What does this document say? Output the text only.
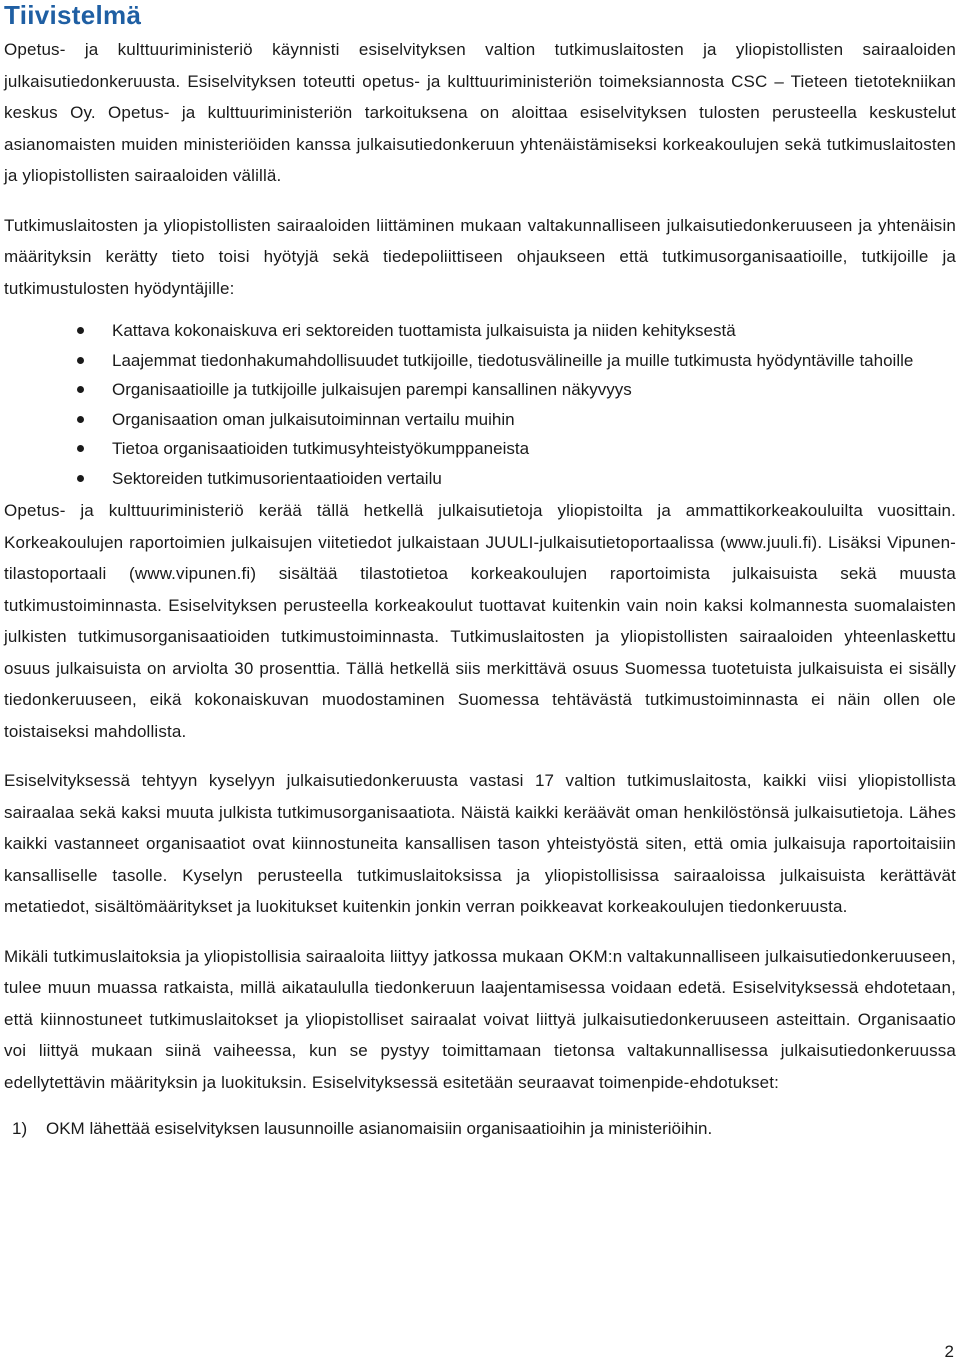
Tiivistelmä

Opetus- ja kulttuuriministeriö käynnisti esiselvityksen valtion tutkimuslaitosten ja yliopistollisten sairaaloiden julkaisutiedonkeruusta. Esiselvityksen toteutti opetus- ja kulttuuriministeriön toimeksiannosta CSC – Tieteen tietotekniikan keskus Oy. Opetus- ja kulttuuriministeriön tarkoituksena on aloittaa esiselvityksen tulosten perusteella keskustelut asianomaisten muiden ministeriöiden kanssa julkaisutiedonkeruun yhtenäistämiseksi korkeakoulujen sekä tutkimuslaitosten ja yliopistollisten sairaaloiden välillä.

Tutkimuslaitosten ja yliopistollisten sairaaloiden liittäminen mukaan valtakunnalliseen julkaisutiedonkeruuseen ja yhtenäisin määrityksin kerätty tieto toisi hyötyjä sekä tiedepoliittiseen ohjaukseen että tutkimusorganisaatioille, tutkijoille ja tutkimustulosten hyödyntäjille:

Kattava kokonaiskuva eri sektoreiden tuottamista julkaisuista ja niiden kehityksestä
Laajemmat tiedonhakumahdollisuudet tutkijoille, tiedotusvälineille ja muille tutkimusta hyödyntäville tahoille
Organisaatioille ja tutkijoille julkaisujen parempi kansallinen näkyvyys
Organisaation oman julkaisutoiminnan vertailu muihin
Tietoa organisaatioiden tutkimusyhteistyökumppaneista
Sektoreiden tutkimusorientaatioiden vertailu

Opetus- ja kulttuuriministeriö kerää tällä hetkellä julkaisutietoja yliopistoilta ja ammattikorkeakouluilta vuosittain. Korkeakoulujen raportoimien julkaisujen viitetiedot julkaistaan JUULI-julkaisutietoportaalissa (www.juuli.fi). Lisäksi Vipunen-tilastoportaali (www.vipunen.fi) sisältää tilastotietoa korkeakoulujen raportoimista julkaisuista sekä muusta tutkimustoiminnasta. Esiselvityksen perusteella korkeakoulut tuottavat kuitenkin vain noin kaksi kolmannesta suomalaisten julkisten tutkimusorganisaatioiden tutkimustoiminnasta. Tutkimuslaitosten ja yliopistollisten sairaaloiden yhteenlaskettu osuus julkaisuista on arviolta 30 prosenttia. Tällä hetkellä siis merkittävä osuus Suomessa tuotetuista julkaisuista ei sisälly tiedonkeruuseen, eikä kokonaiskuvan muodostaminen Suomessa tehtävästä tutkimustoiminnasta ei näin ollen ole toistaiseksi mahdollista.

Esiselvityksessä tehtyyn kyselyyn julkaisutiedonkeruusta vastasi 17 valtion tutkimuslaitosta, kaikki viisi yliopistollista sairaalaa sekä kaksi muuta julkista tutkimusorganisaatiota. Näistä kaikki keräävät oman henkilöstönsä julkaisutietoja. Lähes kaikki vastanneet organisaatiot ovat kiinnostuneita kansallisen tason yhteistyöstä siten, että omia julkaisuja raportoitaisiin kansalliselle tasolle. Kyselyn perusteella tutkimuslaitoksissa ja yliopistollisissa sairaaloissa julkaisuista kerättävät metatiedot, sisältömääritykset ja luokitukset kuitenkin jonkin verran poikkeavat korkeakoulujen tiedonkeruusta.

Mikäli tutkimuslaitoksia ja yliopistollisia sairaaloita liittyy jatkossa mukaan OKM:n valtakunnalliseen julkaisutiedonkeruuseen, tulee muun muassa ratkaista, millä aikataululla tiedonkeruun laajentamisessa voidaan edetä. Esiselvityksessä ehdotetaan, että kiinnostuneet tutkimuslaitokset ja yliopistolliset sairaalat voivat liittyä julkaisutiedonkeruuseen asteittain. Organisaatio voi liittyä mukaan siinä vaiheessa, kun se pystyy toimittamaan tietonsa valtakunnallisessa julkaisutiedonkeruussa edellytettävin määrityksin ja luokituksin. Esiselvityksessä esitetään seuraavat toimenpide-ehdotukset:

1) OKM lähettää esiselvityksen lausunnoille asianomaisiin organisaatioihin ja ministeriöihin.
2
